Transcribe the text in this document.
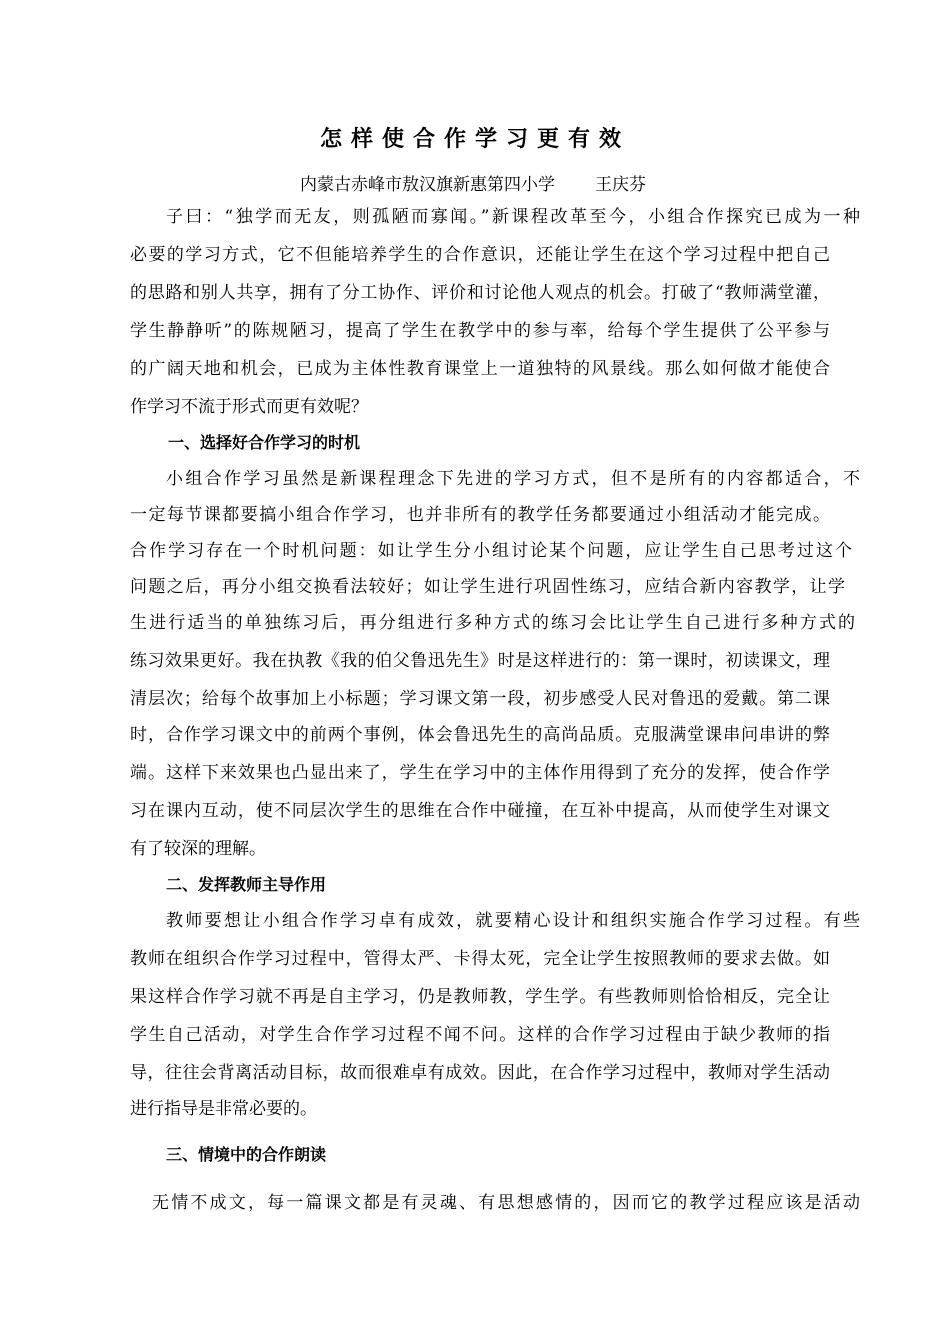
怎样使合作学习更有效
内蒙古赤峰市敖汉旗新惠第四小学 王庆芬
子曰：“独学而无友，则孤陋而寡闻。”新课程改革至今，小组合作探究已成为一种
必要的学习方式，它不但能培养学生的合作意识，还能让学生在这个学习过程中把自己
的思路和别人共享，拥有了分工协作、评价和讨论他人观点的机会。打破了“教师满堂灌，
学生静静听”的陈规陋习，提高了学生在教学中的参与率，给每个学生提供了公平参与
的广阔天地和机会，已成为主体性教育课堂上一道独特的风景线。那么如何做才能使合
作学习不流于形式而更有效呢？
一、选择好合作学习的时机
小组合作学习虽然是新课程理念下先进的学习方式，但不是所有的内容都适合，不
一定每节课都要搞小组合作学习，也并非所有的教学任务都要通过小组活动才能完成。
合作学习存在一个时机问题：如让学生分小组讨论某个问题，应让学生自己思考过这个
问题之后，再分小组交换看法较好；如让学生进行巩固性练习，应结合新内容教学，让学
生进行适当的单独练习后，再分组进行多种方式的练习会比让学生自己进行多种方式的
练习效果更好。我在执教《我的伯父鲁迅先生》时是这样进行的：第一课时，初读课文，理
清层次；给每个故事加上小标题；学习课文第一段，初步感受人民对鲁迅的爱戴。第二课
时，合作学习课文中的前两个事例，体会鲁迅先生的高尚品质。克服满堂课串问串讲的弊
端。这样下来效果也凸显出来了，学生在学习中的主体作用得到了充分的发挥，使合作学
习在课内互动，使不同层次学生的思维在合作中碰撞，在互补中提高，从而使学生对课文
有了较深的理解。
二、发挥教师主导作用
教师要想让小组合作学习卓有成效，就要精心设计和组织实施合作学习过程。有些
教师在组织合作学习过程中，管得太严、卡得太死，完全让学生按照教师的要求去做。如
果这样合作学习就不再是自主学习，仍是教师教，学生学。有些教师则恰恰相反，完全让
学生自己活动，对学生合作学习过程不闻不问。这样的合作学习过程由于缺少教师的指
导，往往会背离活动目标，故而很难卓有成效。因此，在合作学习过程中，教师对学生活动
进行指导是非常必要的。
三、情境中的合作朗读
无情不成文，每一篇课文都是有灵魂、有思想感情的，因而它的教学过程应该是活动
